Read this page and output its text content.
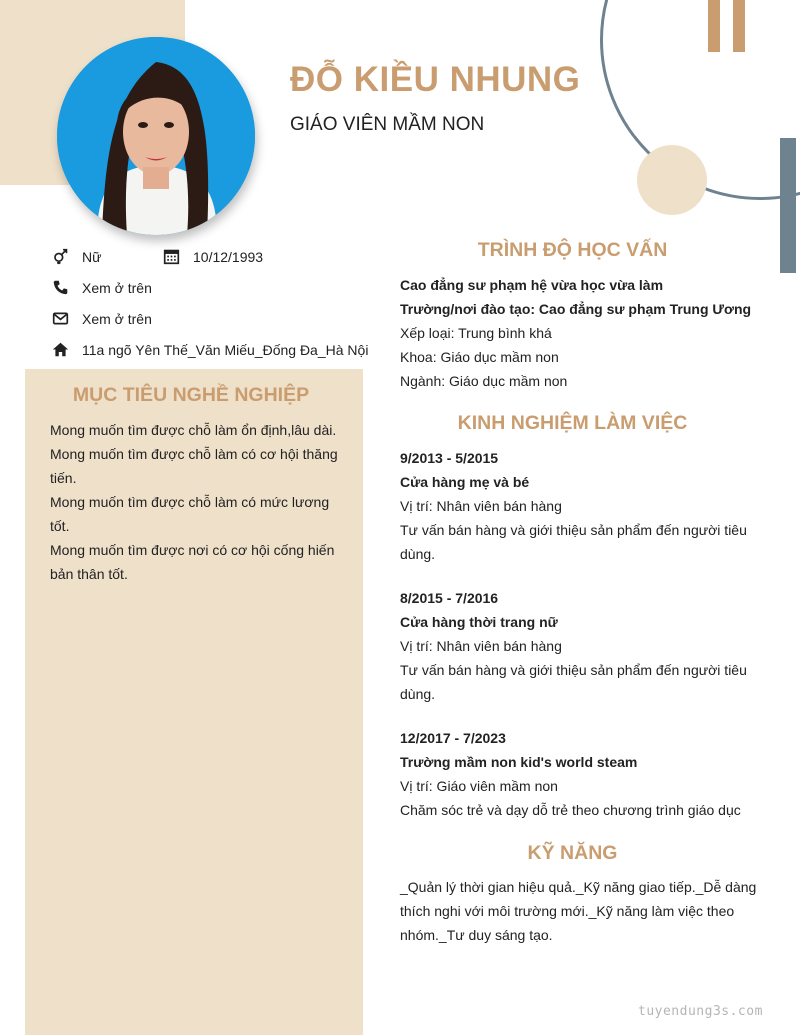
ĐỖ KIỀU NHUNG
GIÁO VIÊN MẦM NON
Nữ	10/12/1993
Xem ở trên
Xem ở trên
11a ngõ Yên Thế_Văn Miếu_Đống Đa_Hà Nội
MỤC TIÊU NGHỀ NGHIỆP
Mong muốn tìm được chỗ làm ổn định,lâu dài.
Mong muốn tìm được chỗ làm có cơ hội thăng
tiến.
Mong muốn tìm được chỗ làm có mức lương
tốt.
Mong muốn tìm được nơi có cơ hội cống hiến
bản thân tốt.
TRÌNH ĐỘ HỌC VẤN
Cao đẳng sư phạm hệ vừa học vừa làm
Trường/nơi đào tạo: Cao đẳng sư phạm Trung Ương
Xếp loại: Trung bình khá
Khoa: Giáo dục mầm non
Ngành: Giáo dục mầm non
KINH NGHIỆM LÀM VIỆC
9/2013 - 5/2015
Cửa hàng mẹ và bé
Vị trí: Nhân viên bán hàng
Tư vấn bán hàng và giới thiệu sản phẩm đến người tiêu
dùng.
8/2015 - 7/2016
Cửa hàng thời trang nữ
Vị trí: Nhân viên bán hàng
Tư vấn bán hàng và giới thiệu sản phẩm đến người tiêu
dùng.
12/2017 - 7/2023
Trường mầm non kid's world steam
Vị trí: Giáo viên mầm non
Chăm sóc trẻ và dạy dỗ trẻ theo chương trình giáo dục
KỸ NĂNG
_Quản lý thời gian hiệu quả._Kỹ năng giao tiếp._Dễ dàng
thích nghi với môi trường mới._Kỹ năng làm việc theo
nhóm._Tư duy sáng tạo.
tuyendung3s.com
